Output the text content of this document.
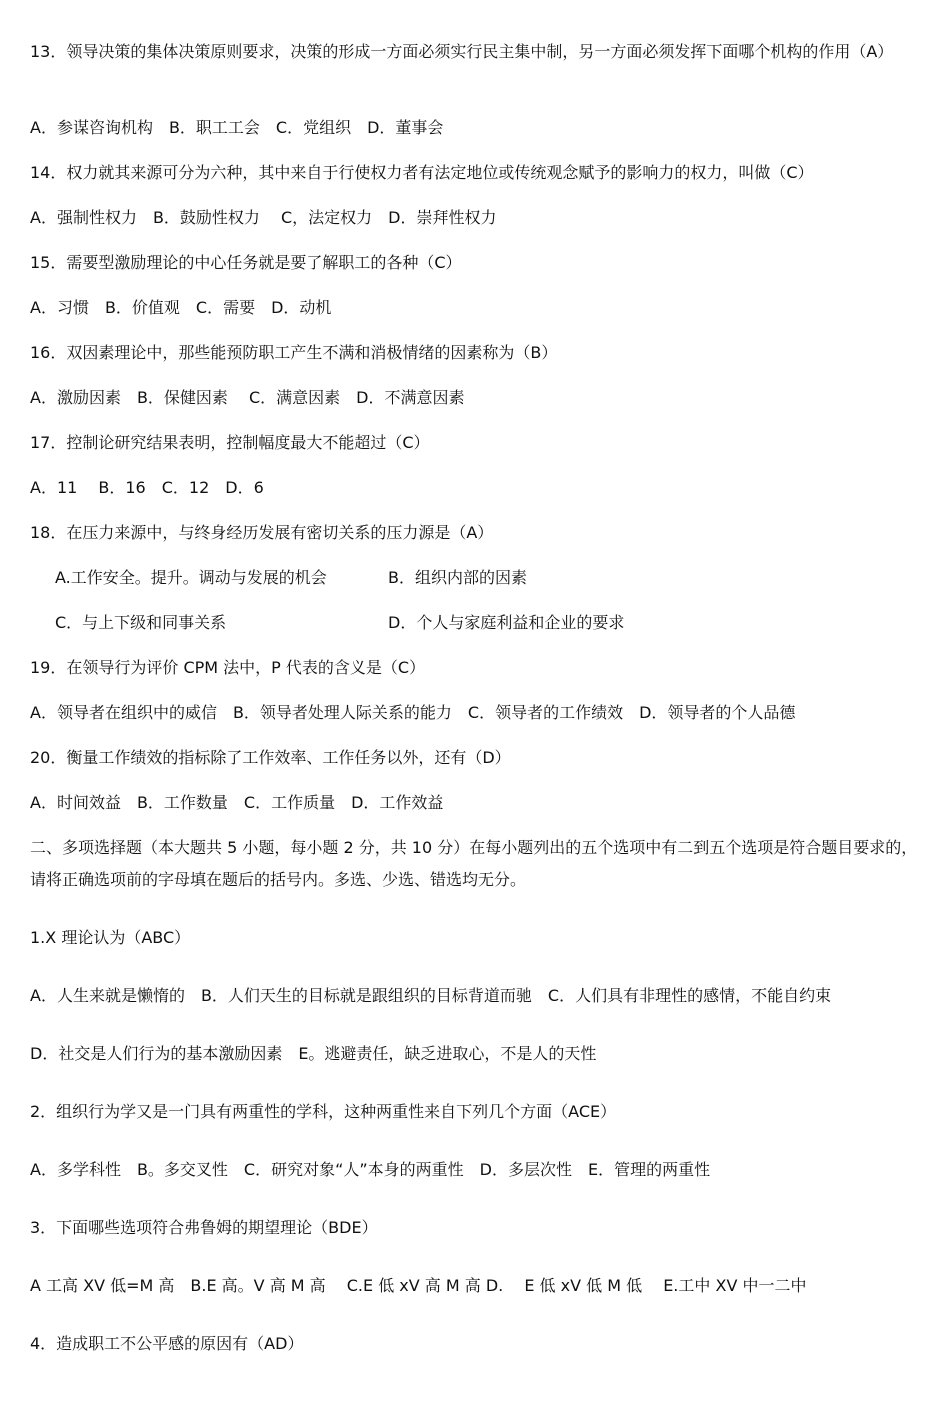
13．领导决策的集体决策原则要求，决策的形成一方面必须实行民主集中制，另一方面必须发挥下面哪个机构的作用（A）

A．参谋咨询机构　B．职工工会　C．党组织　D．董事会

14．权力就其来源可分为六种，其中来自于行使权力者有法定地位或传统观念赋予的影响力的权力，叫做（C）

A．强制性权力　B．鼓励性权力　 C，法定权力　D．崇拜性权力

15．需要型激励理论的中心任务就是要了解职工的各种（C）

A．习惯　B．价值观　C．需要　D．动机

16．双因素理论中，那些能预防职工产生不满和消极情绪的因素称为（B）

A．激励因素　B．保健因素　 C．满意因素　D．不满意因素

17．控制论研究结果表明，控制幅度最大不能超过（C）

A．11　 B．16　C．12　D．6

18．在压力来源中，与终身经历发展有密切关系的压力源是（A）

A.工作安全。提升。调动与发展的机会	B．组织内部的因素

C．与上下级和同事关系	D．个人与家庭利益和企业的要求

19．在领导行为评价 CPM 法中，P 代表的含义是（C）

A．领导者在组织中的威信　B．领导者处理人际关系的能力　C．领导者的工作绩效　D．领导者的个人品德

20．衡量工作绩效的指标除了工作效率、工作任务以外，还有（D）

A．时间效益　B．工作数量　C．工作质量　D．工作效益

二、多项选择题（本大题共 5 小题，每小题 2 分，共 10 分）在每小题列出的五个选项中有二到五个选项是符合题目要求的，请将正确选项前的字母填在题后的括号内。多选、少选、错选均无分。

1.X 理论认为（ABC）

A．人生来就是懒惰的　B．人们天生的目标就是跟组织的目标背道而驰　C．人们具有非理性的感情，不能自约束

D．社交是人们行为的基本激励因素　E。逃避责任，缺乏进取心，不是人的天性

2．组织行为学又是一门具有两重性的学科，这种两重性来自下列几个方面（ACE）

A．多学科性　B。多交叉性　C．研究对象“人”本身的两重性　D．多层次性　E．管理的两重性

3．下面哪些选项符合弗鲁姆的期望理论（BDE）

A 工高 XV 低=M 高　B.E 高。V 高 M 高　 C.E 低 xV 高 M 高 D.　 E 低 xV 低 M 低　 E.工中 XV 中一二中

4．造成职工不公平感的原因有（AD）
